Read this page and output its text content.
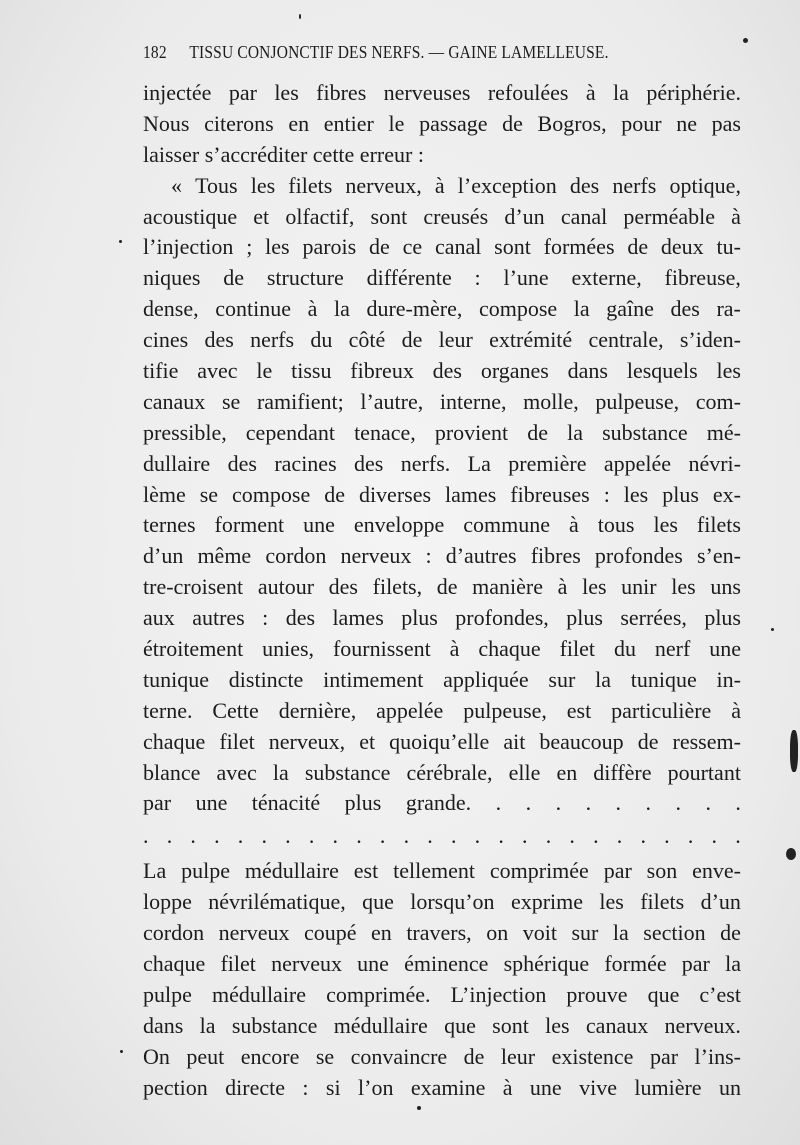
182 TISSU CONJONCTIF DES NERFS. — GAINE LAMELLEUSE.
injectée par les fibres nerveuses refoulées à la périphérie.
Nous citerons en entier le passage de Bogros, pour ne pas
laisser s’accréditer cette erreur :
« Tous les filets nerveux, à l’exception des nerfs optique,
acoustique et olfactif, sont creusés d’un canal perméable à
l’injection ; les parois de ce canal sont formées de deux tu-
niques de structure différente : l’une externe, fibreuse,
dense, continue à la dure-mère, compose la gaîne des ra-
cines des nerfs du côté de leur extrémité centrale, s’iden-
tifie avec le tissu fibreux des organes dans lesquels les
canaux se ramifient; l’autre, interne, molle, pulpeuse, com-
pressible, cependant tenace, provient de la substance mé-
dullaire des racines des nerfs. La première appelée névri-
lème se compose de diverses lames fibreuses : les plus ex-
ternes forment une enveloppe commune à tous les filets
d’un même cordon nerveux : d’autres fibres profondes s’en-
tre-croisent autour des filets, de manière à les unir les uns
aux autres : des lames plus profondes, plus serrées, plus
étroitement unies, fournissent à chaque filet du nerf une
tunique distincte intimement appliquée sur la tunique in-
terne. Cette dernière, appelée pulpeuse, est particulière à
chaque filet nerveux, et quoiqu’elle ait beaucoup de ressem-
blance avec la substance cérébrale, elle en diffère pourtant
par une ténacité plus grande. . . . . . . . . .
. . . . . . . . . . . . . . . . . . . . . . . . . .
La pulpe médullaire est tellement comprimée par son enve-
loppe névrilématique, que lorsqu’on exprime les filets d’un
cordon nerveux coupé en travers, on voit sur la section de
chaque filet nerveux une éminence sphérique formée par la
pulpe médullaire comprimée. L’injection prouve que c’est
dans la substance médullaire que sont les canaux nerveux.
On peut encore se convaincre de leur existence par l’ins-
pection directe : si l’on examine à une vive lumière un
